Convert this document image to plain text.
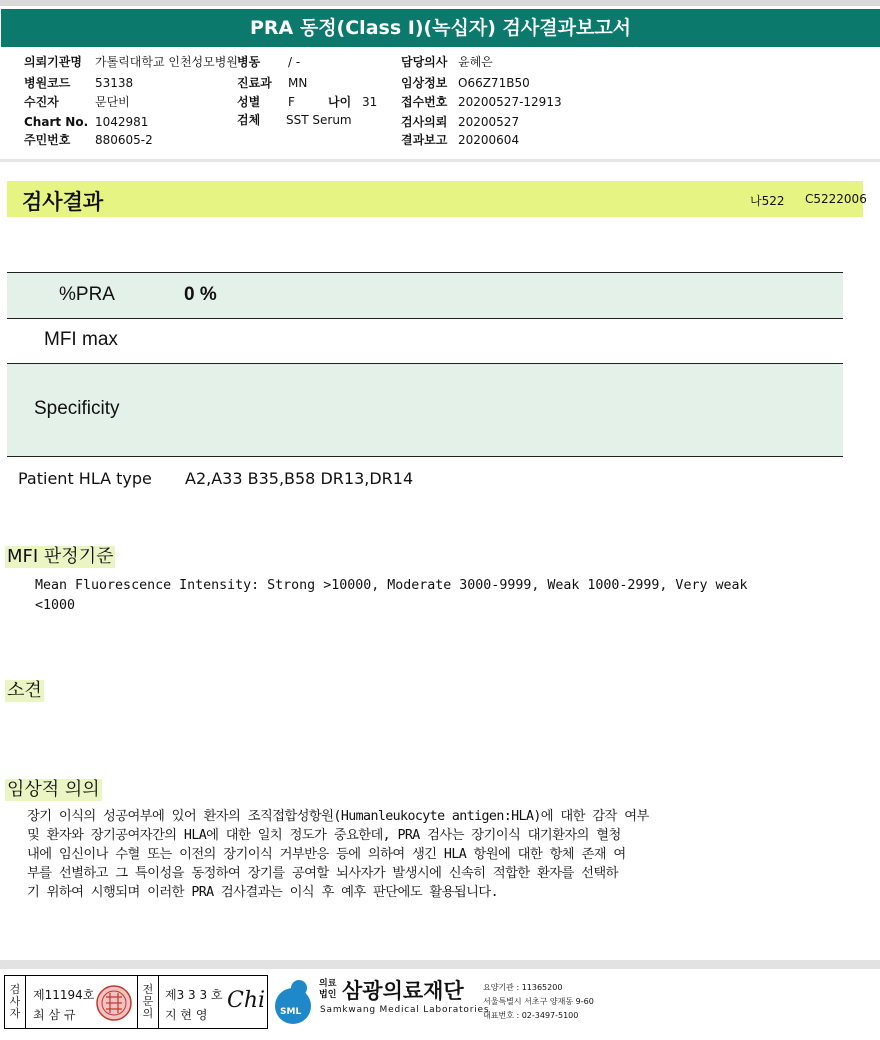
PRA 동정(Class I)(녹십자) 검사결과보고서
의뢰기관명 가톨릭대학교 인천성모병원 병동 / -	담당의사 윤혜은
병원코드 53138	진료과 MN	임상정보 O66Z71B50
수진자	문단비	성별 F	나이 31 접수번호 20200527-12913
Chart No. 1042981	검체 SST Serum	검사의뢰 20200527
주민번호 880605-2	결과보고 20200604
검사결과	나522 C5222006
%PRA	0 %
MFI max
Specificity
Patient HLA type A2,A33 B35,B58 DR13,DR14
MFI 판정기준
Mean Fluorescence Intensity: Strong >10000, Moderate 3000-9999, Weak 1000-2999, Very weak
<1000
소견
임상적 의의
장기 이식의 성공여부에 있어 환자의 조직접합성항원(Humanleukocyte antigen:HLA)에 대한 감작 여부
및 환자와 장기공여자간의 HLA에 대한 일치 정도가 중요한데, PRA 검사는 장기이식 대기환자의 혈청
내에 임신이나 수혈 또는 이전의 장기이식 거부반응 등에 의하여 생긴 HLA 항원에 대한 항체 존재 여
부를 선별하고 그 특이성을 동정하여 장기를 공여할 뇌사자가 발생시에 신속히 적합한 환자를 선택하
기 위하여 시행되며 이러한 PRA 검사결과는 이식 후 예후 판단에도 활용됩니다.
검
사
자
제11194호
최 삼 규
전
문
의
제3 3 3 호
지 현 영
Chi SML
의료
법인 삼광의료재단
Samkwang Medical Laboratories
요양기관 : 11365200
서울특별시 서초구 양재동 9-60
대표번호 : 02-3497-5100
